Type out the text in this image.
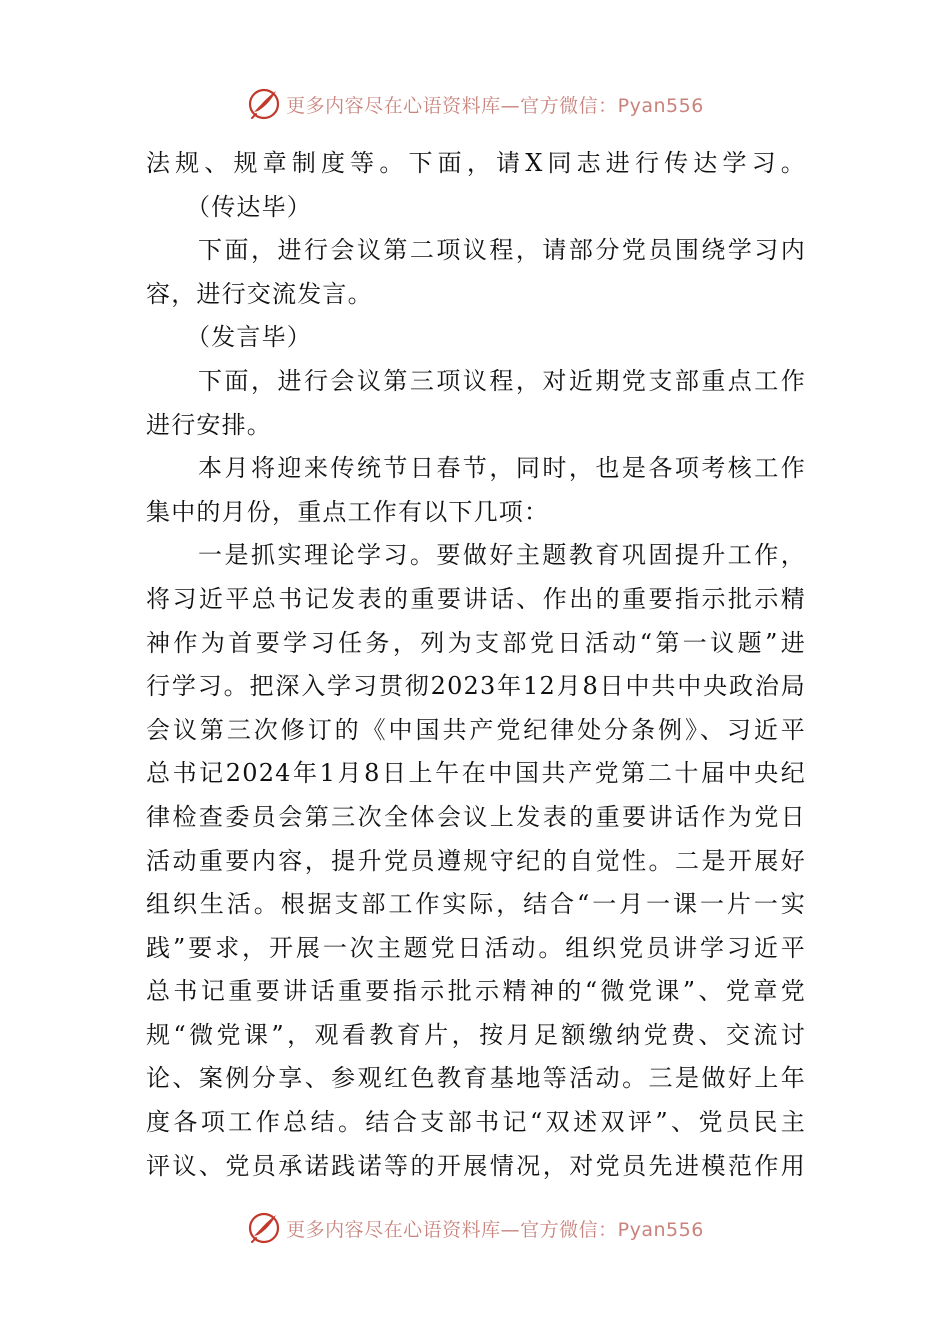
更多内容尽在心语资料库—官方微信：Pyan556
法规、规章制度等。下面，请X同志进行传达学习。
（传达毕）
下面，进行会议第二项议程，请部分党员围绕学习内
容，进行交流发言。
（发言毕）
下面，进行会议第三项议程，对近期党支部重点工作
进行安排。
本月将迎来传统节日春节，同时，也是各项考核工作
集中的月份，重点工作有以下几项：
一是抓实理论学习。要做好主题教育巩固提升工作，
将习近平总书记发表的重要讲话、作出的重要指示批示精
神作为首要学习任务，列为支部党日活动“第一议题”进
行学习。把深入学习贯彻2023年12月8日中共中央政治局
会议第三次修订的《中国共产党纪律处分条例》、习近平
总书记2024年1月8日上午在中国共产党第二十届中央纪
律检查委员会第三次全体会议上发表的重要讲话作为党日
活动重要内容，提升党员遵规守纪的自觉性。二是开展好
组织生活。根据支部工作实际，结合“一月一课一片一实
践”要求，开展一次主题党日活动。组织党员讲学习近平
总书记重要讲话重要指示批示精神的“微党课”、党章党
规“微党课”，观看教育片，按月足额缴纳党费、交流讨
论、案例分享、参观红色教育基地等活动。三是做好上年
度各项工作总结。结合支部书记“双述双评”、党员民主
评议、党员承诺践诺等的开展情况，对党员先进模范作用
更多内容尽在心语资料库—官方微信：Pyan556
